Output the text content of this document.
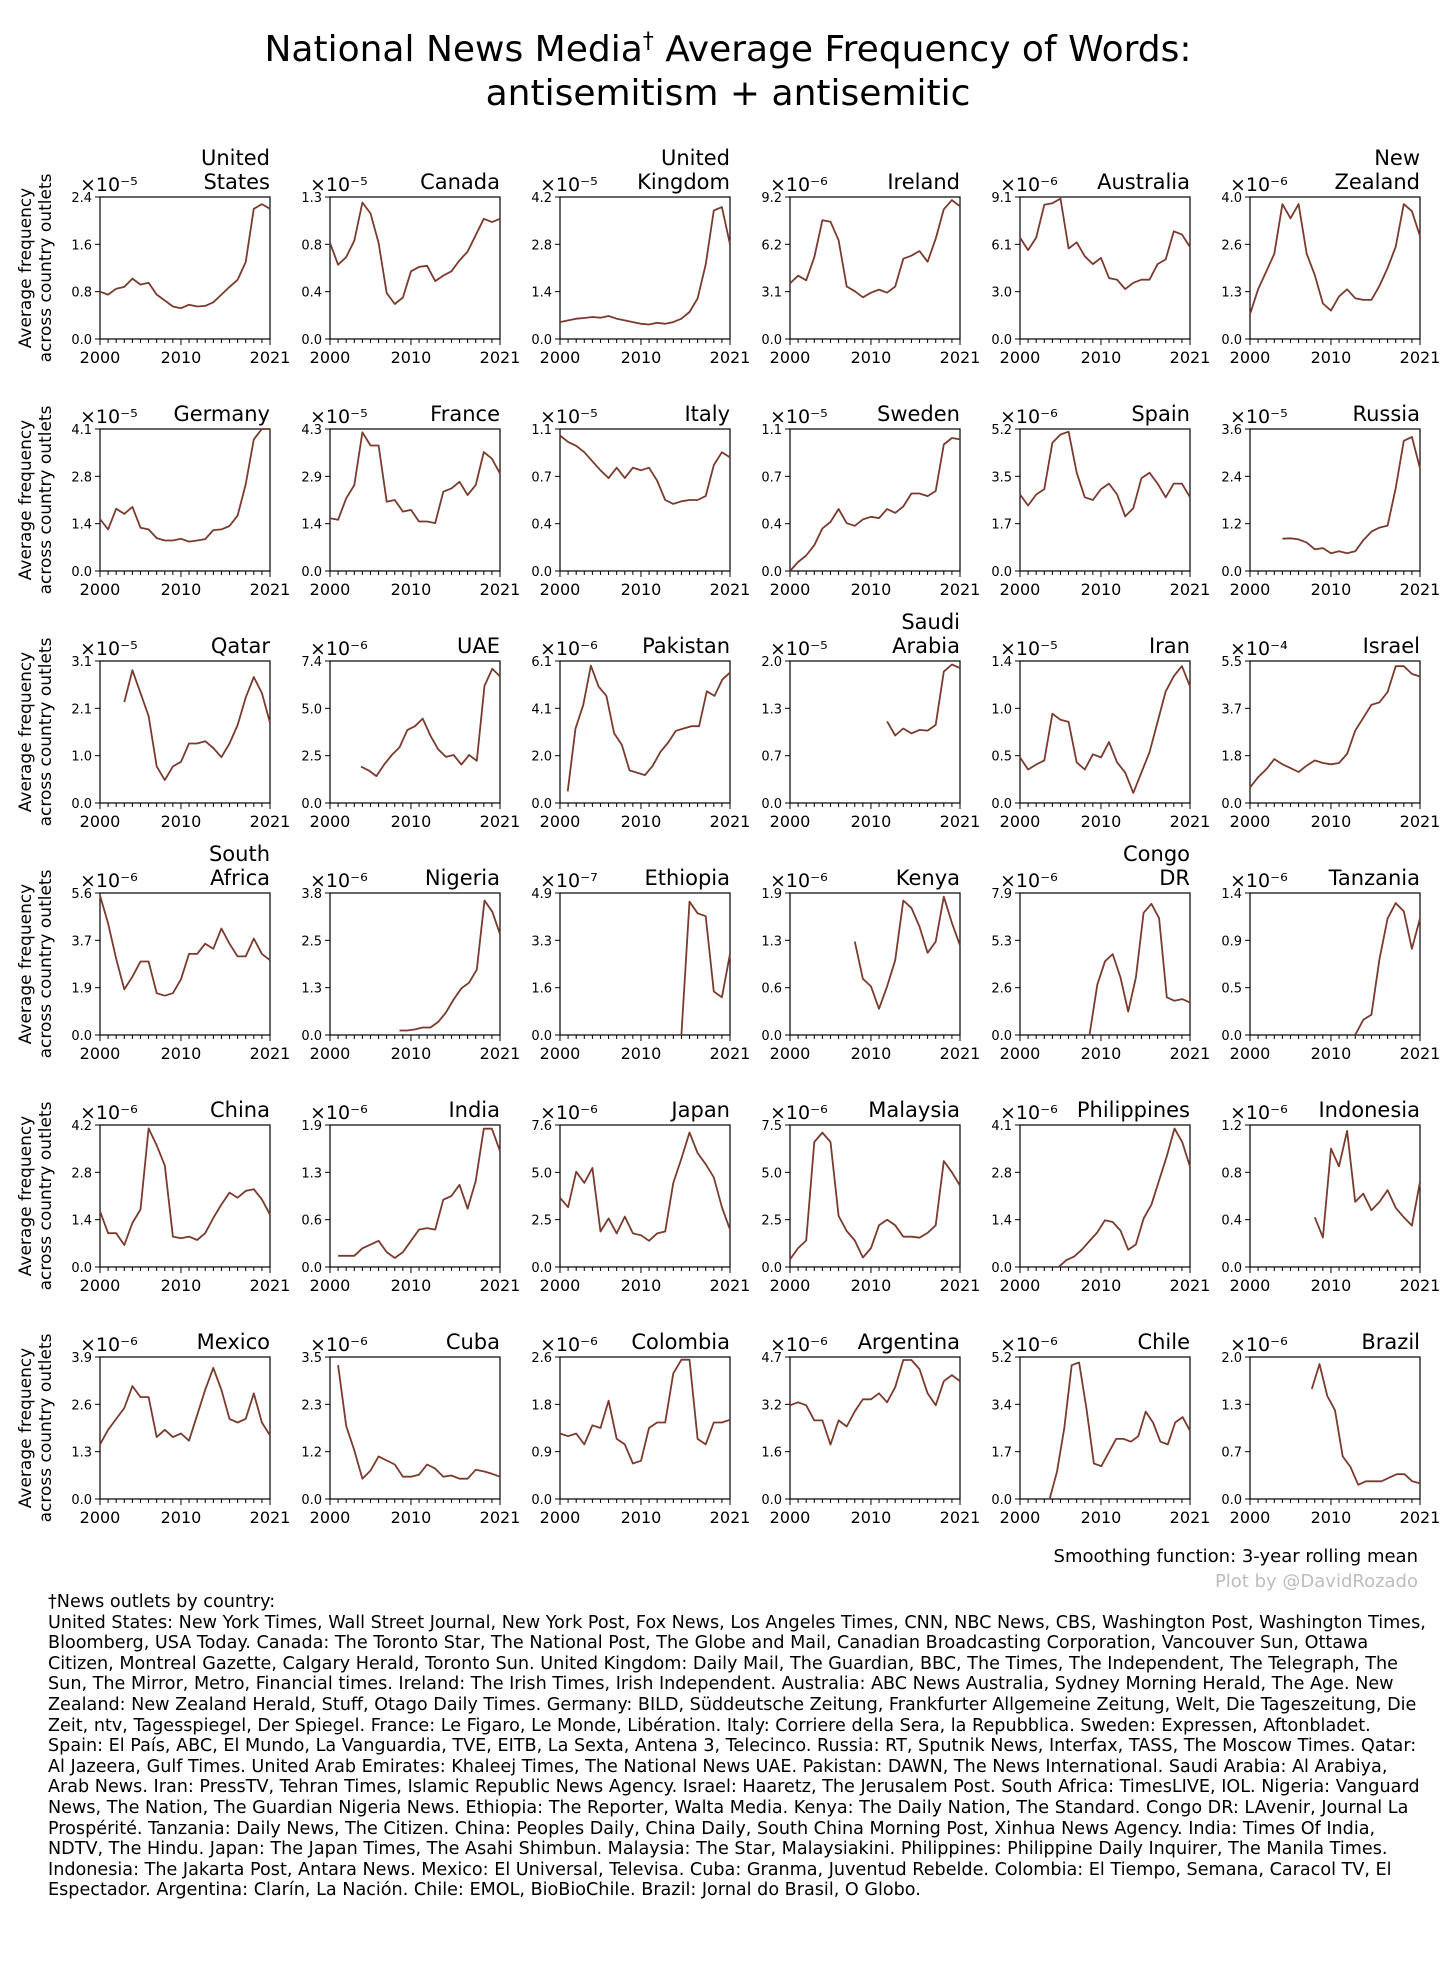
National News Media† Average Frequency of Words:
antisemitism + antisemitic
0.0
0.8
1.6
2.4
2000	2010	2021
×10⁻⁵
United
States
Average frequency across country outlets	0.0
0.4
0.8
1.3
2000	2010	2021
×10⁻⁵ Canada
0.0
1.4
2.8
4.2
2000	2010	2021
×10⁻⁵
United
Kingdom
0.0
3.1
6.2
9.2
2000	2010	2021
×10⁻⁶	Ireland
0.0
3.0
6.1
9.1
2000	2010	2021
×10⁻⁶ Australia
0.0
1.3
2.6
4.0
2000	2010	2021
×10⁻⁶
New
Zealand
0.0
1.4
2.8
4.1
2000	2010	2021
×10⁻⁵ Germany
Average frequency across country outlets	0.0
1.4
2.9
4.3
2000	2010	2021
×10⁻⁵	France
0.0
0.4
0.7
1.1
2000	2010	2021
×10⁻⁵	Italy
0.0
0.4
0.7
1.1
2000	2010	2021
×10⁻⁵ Sweden
0.0
1.7
3.5
5.2
2000	2010	2021
×10⁻⁶	Spain
0.0
1.2
2.4
3.6
2000	2010	2021
×10⁻⁵	Russia
0.0
1.0
2.1
3.1
2000	2010	2021
×10⁻⁵	Qatar
Average frequency across country outlets	0.0
2.5
5.0
7.4
2000	2010	2021
×10⁻⁶	UAE
0.0
2.0
4.1
6.1
2000	2010	2021
×10⁻⁶ Pakistan
0.0
0.7
1.3
2.0
2000	2010	2021
×10⁻⁵
Saudi
Arabia
0.0
0.5
1.0
1.4
2000	2010	2021
×10⁻⁵	Iran
0.0
1.8
3.7
5.5
2000	2010	2021
×10⁻⁴	Israel
0.0
1.9
3.7
5.6
2000	2010	2021
×10⁻⁶
South
Africa
Average frequency across country outlets	0.0
1.3
2.5
3.8
2000	2010	2021
×10⁻⁶	Nigeria
0.0
1.6
3.3
4.9
2000	2010	2021
×10⁻⁷ Ethiopia
0.0
0.6
1.3
1.9
2000	2010	2021
×10⁻⁶	Kenya
0.0
2.6
5.3
7.9
2000	2010	2021
×10⁻⁶
Congo
DR
0.0
0.5
0.9
1.4
2000	2010	2021
×10⁻⁶ Tanzania
0.0
1.4
2.8
4.2
2000	2010	2021
×10⁻⁶	China
Average frequency across country outlets	0.0
0.6
1.3
1.9
2000	2010	2021
×10⁻⁶	India
0.0
2.5
5.0
7.6
2000	2010	2021
×10⁻⁶	Japan
0.0
2.5
5.0
7.5
2000	2010	2021
×10⁻⁶ Malaysia
0.0
1.4
2.8
4.1
2000	2010	2021
×10⁻⁶ Philippines
0.0
0.4
0.8
1.2
2000	2010	2021
×10⁻⁶ Indonesia
0.0
1.3
2.6
3.9
2000	2010	2021
×10⁻⁶	Mexico
Average frequency across country outlets	0.0
1.2
2.3
3.5
2000	2010	2021
×10⁻⁶	Cuba
0.0
0.9
1.8
2.6
2000	2010	2021
×10⁻⁶ Colombia
0.0
1.6
3.2
4.7
2000	2010	2021
×10⁻⁶ Argentina
0.0
1.7
3.4
5.2
2000	2010	2021
×10⁻⁶	Chile
0.0
0.7
1.3
2.0
2000	2010	2021
×10⁻⁶	Brazil
Smoothing function: 3-year rolling mean
Plot by @DavidRozado
†News outlets by country:
United States: New York Times, Wall Street Journal, New York Post, Fox News, Los Angeles Times, CNN, NBC News, CBS, Washington Post, Washington Times, Bloomberg, USA Today. Canada: The Toronto Star, The National Post, The Globe and Mail, Canadian Broadcasting Corporation, Vancouver Sun, Ottawa Citizen, Montreal Gazette, Calgary Herald, Toronto Sun. United Kingdom: Daily Mail, The Guardian, BBC, The Times, The Independent, The Telegraph, The Sun, The Mirror, Metro, Financial times. Ireland: The Irish Times, Irish Independent. Australia: ABC News Australia, Sydney Morning Herald, The Age. New Zealand: New Zealand Herald, Stuff, Otago Daily Times. Germany: BILD, Süddeutsche Zeitung, Frankfurter Allgemeine Zeitung, Welt, Die Tageszeitung, Die Zeit, ntv, Tagesspiegel, Der Spiegel. France: Le Figaro, Le Monde, Libération. Italy: Corriere della Sera, la Repubblica. Sweden: Expressen, Aftonbladet. Spain: El País, ABC, El Mundo, La Vanguardia, TVE, EITB, La Sexta, Antena 3, Telecinco. Russia: RT, Sputnik News, Interfax, TASS, The Moscow Times. Qatar: Al Jazeera, Gulf Times. United Arab Emirates: Khaleej Times, The National News UAE. Pakistan: DAWN, The News International. Saudi Arabia: Al Arabiya, Arab News. Iran: PressTV, Tehran Times, Islamic Republic News Agency. Israel: Haaretz, The Jerusalem Post. South Africa: TimesLIVE, IOL. Nigeria: Vanguard News, The Nation, The Guardian Nigeria News. Ethiopia: The Reporter, Walta Media. Kenya: The Daily Nation, The Standard. Congo DR: LAvenir, Journal La Prospérité. Tanzania: Daily News, The Citizen. China: Peoples Daily, China Daily, South China Morning Post, Xinhua News Agency. India: Times Of India, NDTV, The Hindu. Japan: The Japan Times, The Asahi Shimbun. Malaysia: The Star, Malaysiakini. Philippines: Philippine Daily Inquirer, The Manila Times. Indonesia: The Jakarta Post, Antara News. Mexico: El Universal, Televisa. Cuba: Granma, Juventud Rebelde. Colombia: El Tiempo, Semana, Caracol TV, El Espectador. Argentina: Clarín, La Nación. Chile: EMOL, BioBioChile. Brazil: Jornal do Brasil, O Globo.
